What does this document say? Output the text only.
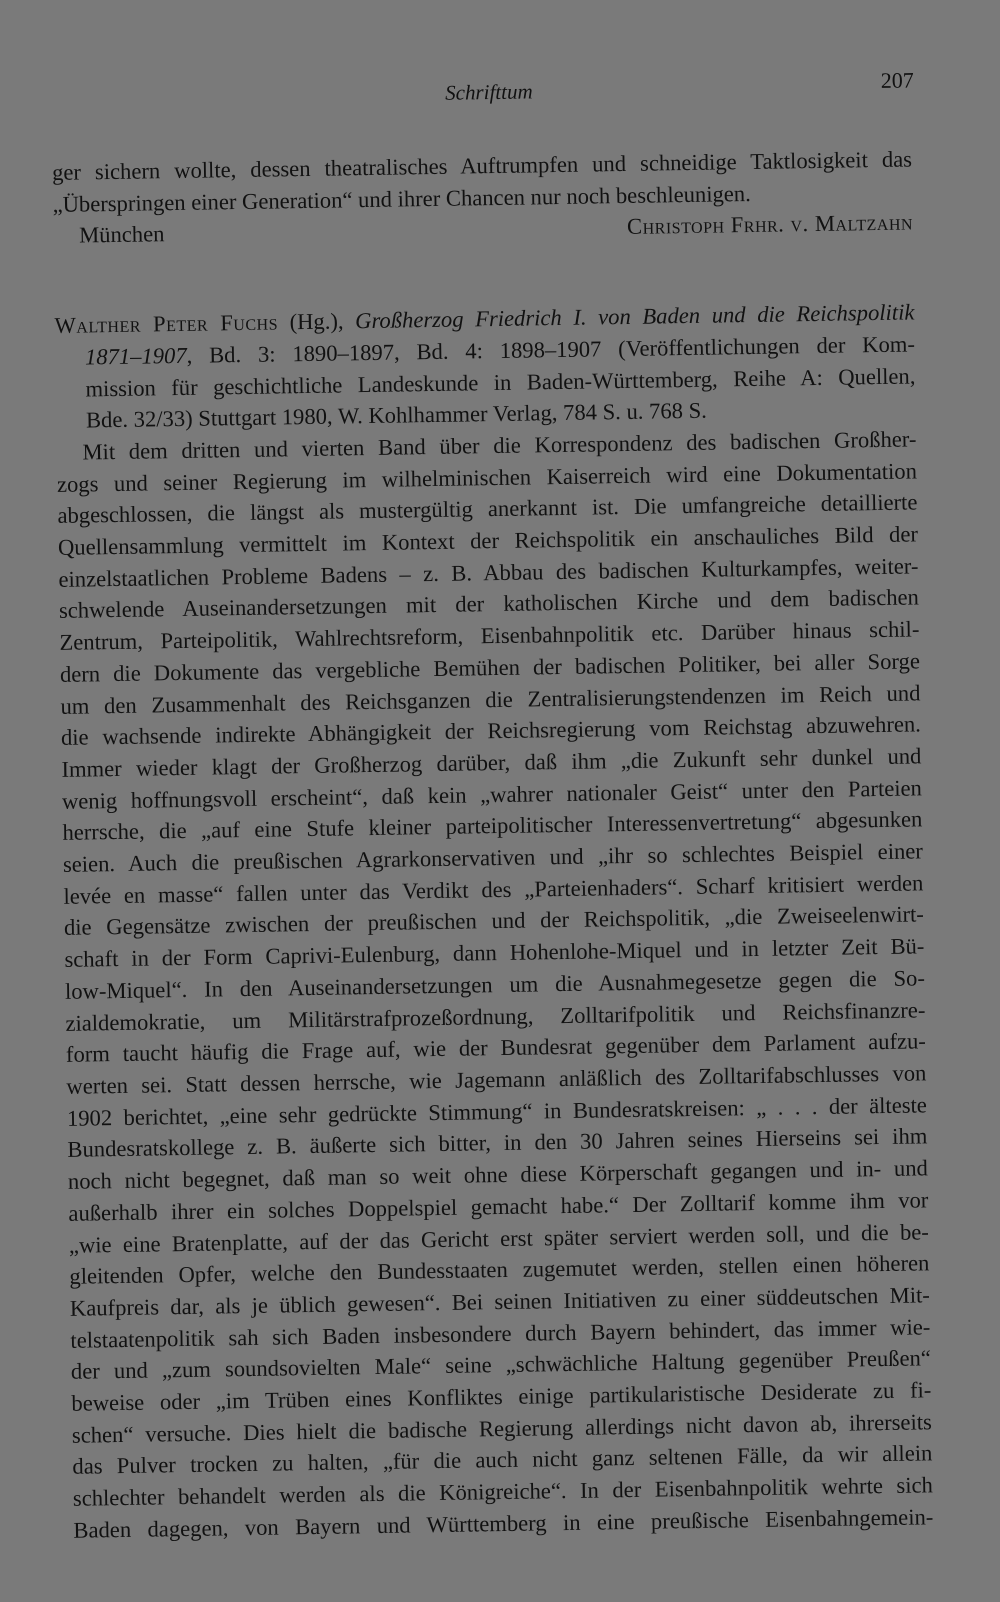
Schrifttum	207
ger sichern wollte, dessen theatralisches Auftrumpfen und schneidige Taktlosigkeit das
„Überspringen einer Generation“ und ihrer Chancen nur noch beschleunigen.
München	Christoph Frhr. v. Maltzahn
Walther Peter Fuchs (Hg.), Großherzog Friedrich I. von Baden und die Reichspolitik
1871–1907, Bd. 3: 1890–1897, Bd. 4: 1898–1907 (Veröffentlichungen der Kom-
mission für geschichtliche Landeskunde in Baden-Württemberg, Reihe A: Quellen,
Bde. 32/33) Stuttgart 1980, W. Kohlhammer Verlag, 784 S. u. 768 S.
Mit dem dritten und vierten Band über die Korrespondenz des badischen Großher-
zogs und seiner Regierung im wilhelminischen Kaiserreich wird eine Dokumentation
abgeschlossen, die längst als mustergültig anerkannt ist. Die umfangreiche detaillierte
Quellensammlung vermittelt im Kontext der Reichspolitik ein anschauliches Bild der
einzelstaatlichen Probleme Badens – z. B. Abbau des badischen Kulturkampfes, weiter-
schwelende Auseinandersetzungen mit der katholischen Kirche und dem badischen
Zentrum, Parteipolitik, Wahlrechtsreform, Eisenbahnpolitik etc. Darüber hinaus schil-
dern die Dokumente das vergebliche Bemühen der badischen Politiker, bei aller Sorge
um den Zusammenhalt des Reichsganzen die Zentralisierungstendenzen im Reich und
die wachsende indirekte Abhängigkeit der Reichsregierung vom Reichstag abzuwehren.
Immer wieder klagt der Großherzog darüber, daß ihm „die Zukunft sehr dunkel und
wenig hoffnungsvoll erscheint“, daß kein „wahrer nationaler Geist“ unter den Parteien
herrsche, die „auf eine Stufe kleiner parteipolitischer Interessenvertretung“ abgesunken
seien. Auch die preußischen Agrarkonservativen und „ihr so schlechtes Beispiel einer
levée en masse“ fallen unter das Verdikt des „Parteienhaders“. Scharf kritisiert werden
die Gegensätze zwischen der preußischen und der Reichspolitik, „die Zweiseelenwirt-
schaft in der Form Caprivi-Eulenburg, dann Hohenlohe-Miquel und in letzter Zeit Bü-
low-Miquel“. In den Auseinandersetzungen um die Ausnahmegesetze gegen die So-
zialdemokratie, um Militärstrafprozeßordnung, Zolltarifpolitik und Reichsfinanzre-
form taucht häufig die Frage auf, wie der Bundesrat gegenüber dem Parlament aufzu-
werten sei. Statt dessen herrsche, wie Jagemann anläßlich des Zolltarifabschlusses von
1902 berichtet, „eine sehr gedrückte Stimmung“ in Bundesratskreisen: „ . . . der älteste
Bundesratskollege z. B. äußerte sich bitter, in den 30 Jahren seines Hierseins sei ihm
noch nicht begegnet, daß man so weit ohne diese Körperschaft gegangen und in- und
außerhalb ihrer ein solches Doppelspiel gemacht habe.“ Der Zolltarif komme ihm vor
„wie eine Bratenplatte, auf der das Gericht erst später serviert werden soll, und die be-
gleitenden Opfer, welche den Bundesstaaten zugemutet werden, stellen einen höheren
Kaufpreis dar, als je üblich gewesen“. Bei seinen Initiativen zu einer süddeutschen Mit-
telstaatenpolitik sah sich Baden insbesondere durch Bayern behindert, das immer wie-
der und „zum soundsovielten Male“ seine „schwächliche Haltung gegenüber Preußen“
beweise oder „im Trüben eines Konfliktes einige partikularistische Desiderate zu fi-
schen“ versuche. Dies hielt die badische Regierung allerdings nicht davon ab, ihrerseits
das Pulver trocken zu halten, „für die auch nicht ganz seltenen Fälle, da wir allein
schlechter behandelt werden als die Königreiche“. In der Eisenbahnpolitik wehrte sich
Baden dagegen, von Bayern und Württemberg in eine preußische Eisenbahngemein-
